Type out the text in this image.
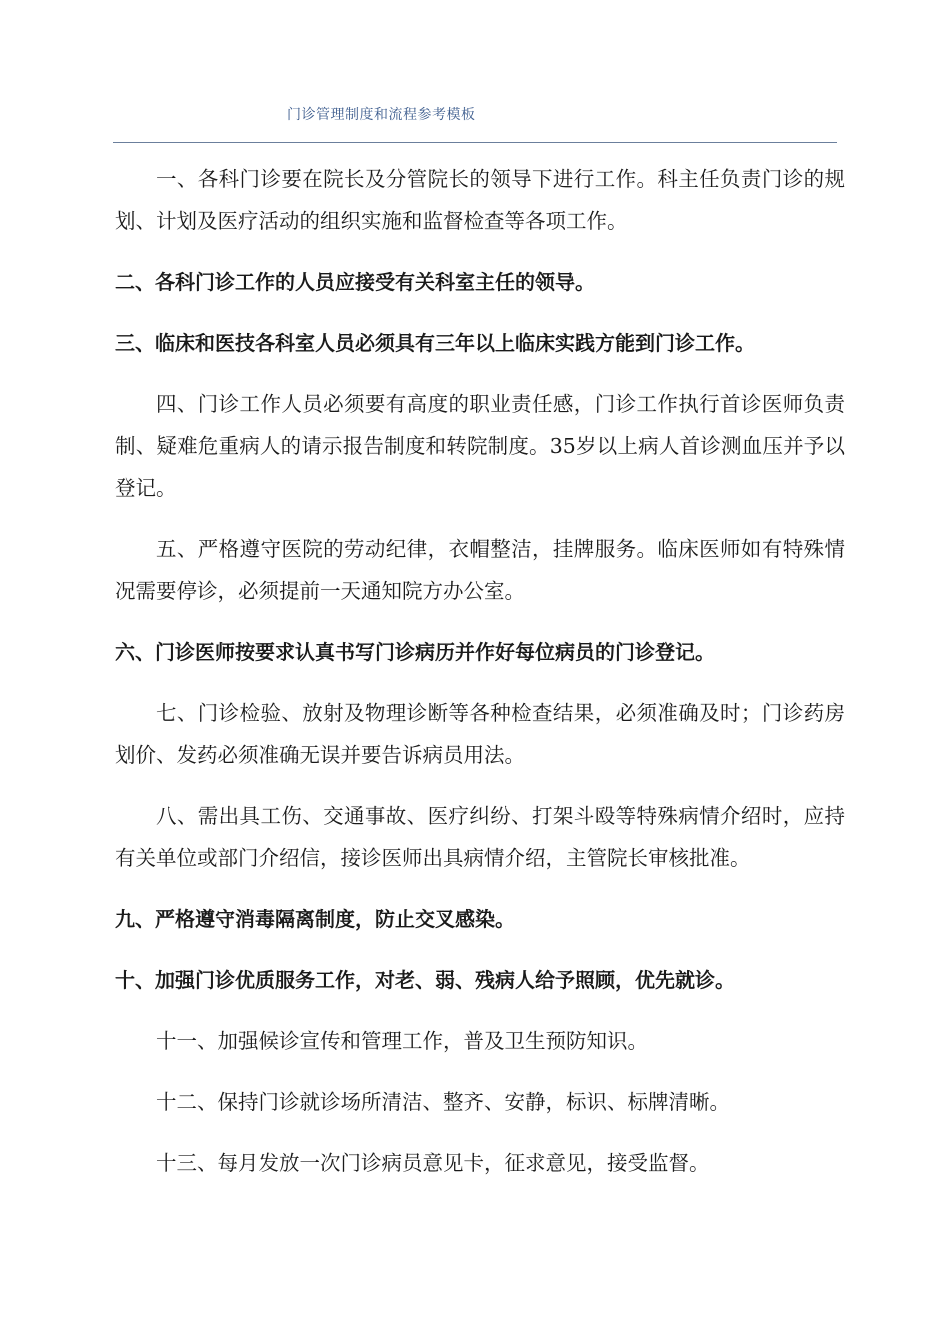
门诊管理制度和流程参考模板

一、各科门诊要在院长及分管院长的领导下进行工作。科主任负责门诊的规划、计划及医疗活动的组织实施和监督检查等各项工作。

二、各科门诊工作的人员应接受有关科室主任的领导。

三、临床和医技各科室人员必须具有三年以上临床实践方能到门诊工作。

四、门诊工作人员必须要有高度的职业责任感，门诊工作执行首诊医师负责制、疑难危重病人的请示报告制度和转院制度。35岁以上病人首诊测血压并予以登记。

五、严格遵守医院的劳动纪律，衣帽整洁，挂牌服务。临床医师如有特殊情况需要停诊，必须提前一天通知院方办公室。

六、门诊医师按要求认真书写门诊病历并作好每位病员的门诊登记。

七、门诊检验、放射及物理诊断等各种检查结果，必须准确及时；门诊药房划价、发药必须准确无误并要告诉病员用法。

八、需出具工伤、交通事故、医疗纠纷、打架斗殴等特殊病情介绍时，应持有关单位或部门介绍信，接诊医师出具病情介绍，主管院长审核批准。

九、严格遵守消毒隔离制度，防止交叉感染。

十、加强门诊优质服务工作，对老、弱、残病人给予照顾，优先就诊。

十一、加强候诊宣传和管理工作，普及卫生预防知识。

十二、保持门诊就诊场所清洁、整齐、安静，标识、标牌清晰。

十三、每月发放一次门诊病员意见卡，征求意见，接受监督。
